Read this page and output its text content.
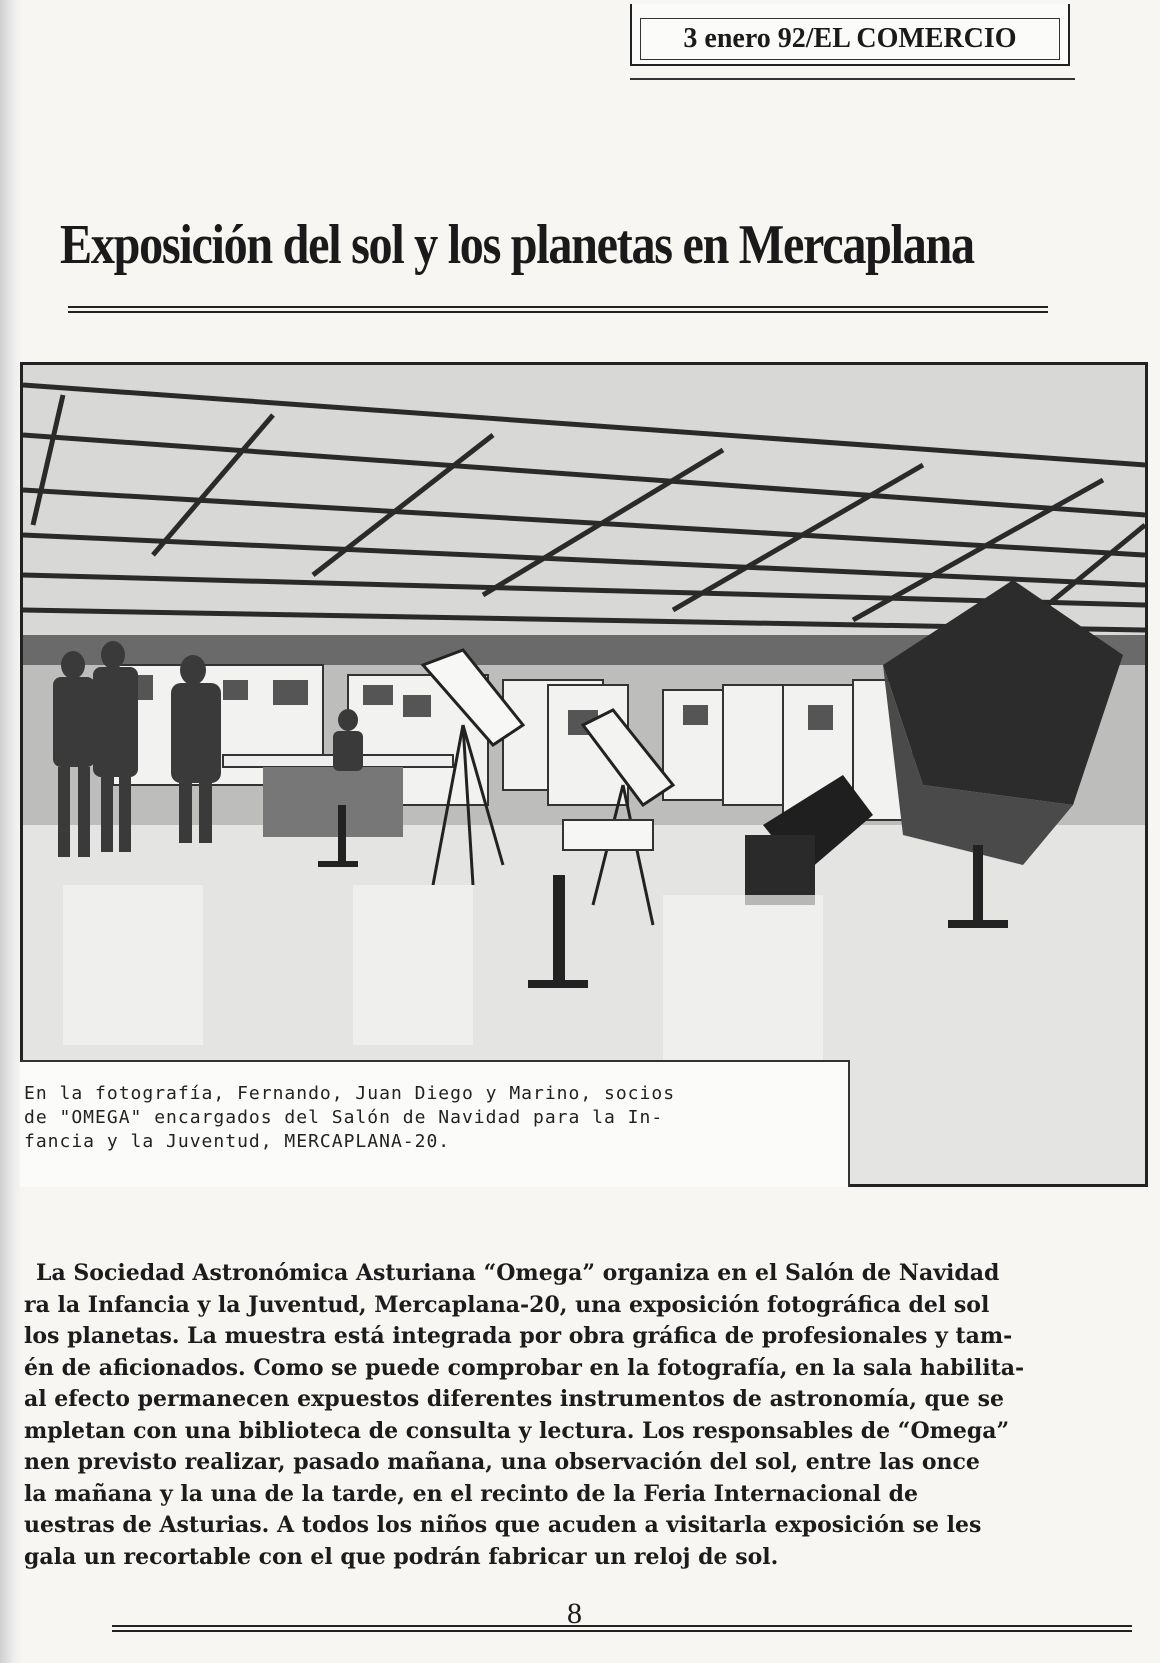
3 enero 92/EL COMERCIO
Exposición del sol y los planetas en Mercaplana
En la fotografía, Fernando, Juan Diego y Marino, socios
de "OMEGA" encargados del Salón de Navidad para la In-
fancia y la Juventud, MERCAPLANA-20.
La Sociedad Astronómica Asturiana “Omega” organiza en el Salón de Navidad
ra la Infancia y la Juventud, Mercaplana-20, una exposición fotográfica del sol
los planetas. La muestra está integrada por obra gráfica de profesionales y tam-
én de aficionados. Como se puede comprobar en la fotografía, en la sala habilita-
al efecto permanecen expuestos diferentes instrumentos de astronomía, que se
mpletan con una biblioteca de consulta y lectura. Los responsables de “Omega”
nen previsto realizar, pasado mañana, una observación del sol, entre las once
la mañana y la una de la tarde, en el recinto de la Feria Internacional de
uestras de Asturias. A todos los niños que acuden a visitarla exposición se les
gala un recortable con el que podrán fabricar un reloj de sol.
8
